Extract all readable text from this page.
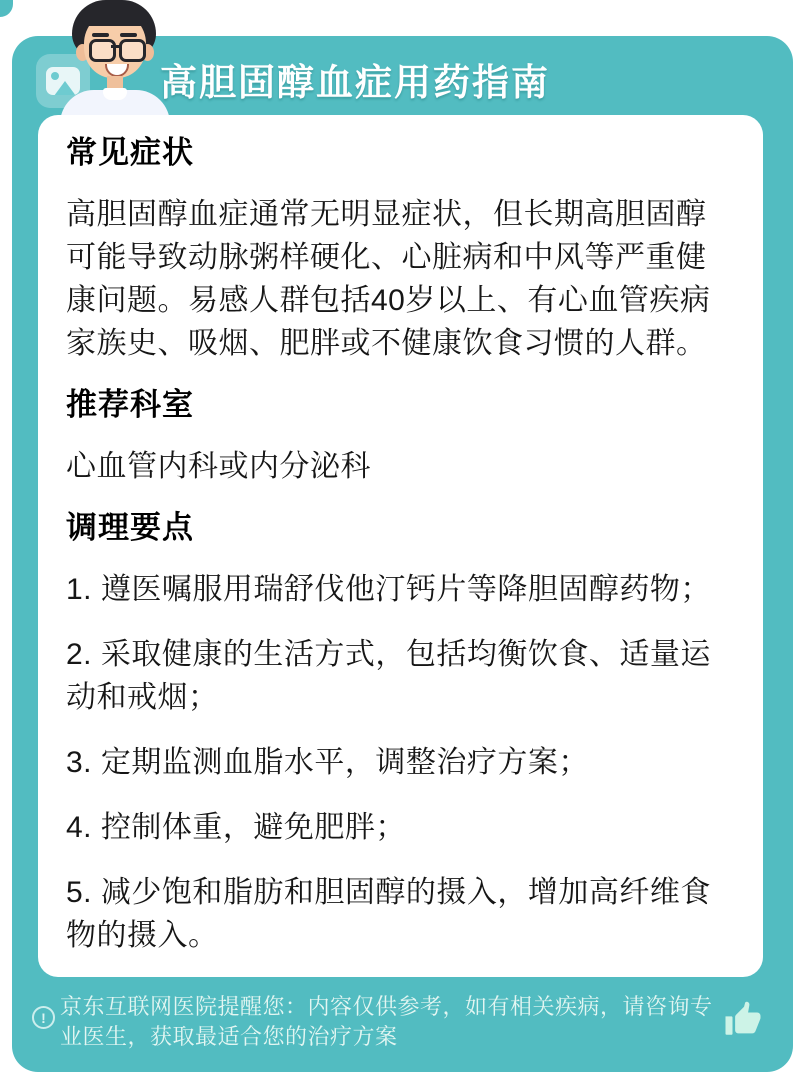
高胆固醇血症用药指南
常见症状

高胆固醇血症通常无明显症状，但长期高胆固醇可能导致动脉粥样硬化、心脏病和中风等严重健康问题。易感人群包括40岁以上、有心血管疾病家族史、吸烟、肥胖或不健康饮食习惯的人群。

推荐科室

心血管内科或内分泌科

调理要点

1. 遵医嘱服用瑞舒伐他汀钙片等降胆固醇药物；

2. 采取健康的生活方式，包括均衡饮食、适量运动和戒烟；

3. 定期监测血脂水平，调整治疗方案；

4. 控制体重，避免肥胖；

5. 减少饱和脂肪和胆固醇的摄入，增加高纤维食物的摄入。

! 京东互联网医院提醒您：内容仅供参考，如有相关疾病，请咨询专业医生，获取最适合您的治疗方案
